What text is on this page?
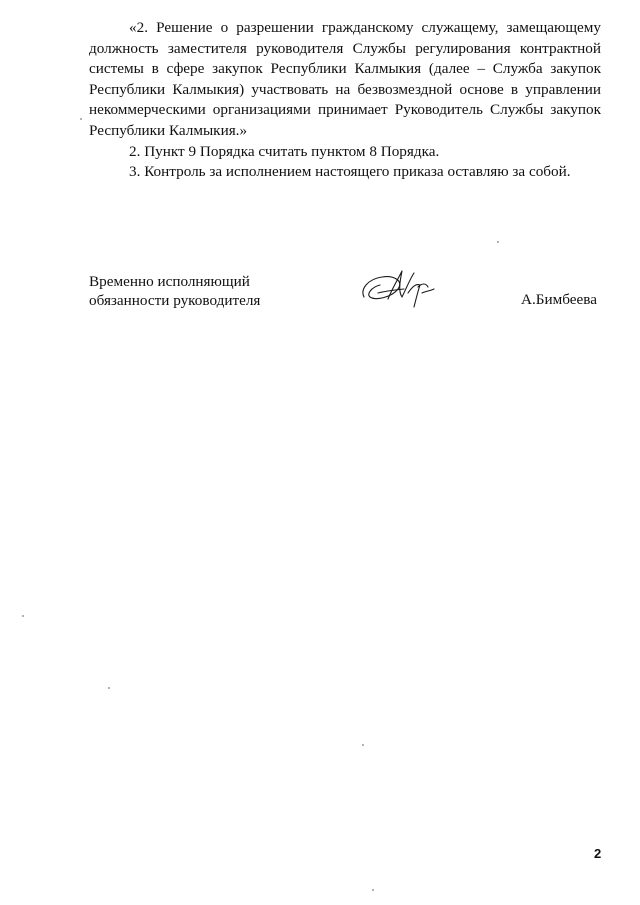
«2. Решение о разрешении гражданскому служащему, замещающему должность заместителя руководителя Службы регулирования контрактной системы в сфере закупок Республики Калмыкия (далее – Служба закупок Республики Калмыкия) участвовать на безвозмездной основе в управлении некоммерческими организациями принимает Руководитель Службы закупок Республики Калмыкия.»

2. Пункт 9 Порядка считать пунктом 8 Порядка.

3. Контроль за исполнением настоящего приказа оставляю за собой.

Временно исполняющий
обязанности руководителя	А.Бимбеева
2
